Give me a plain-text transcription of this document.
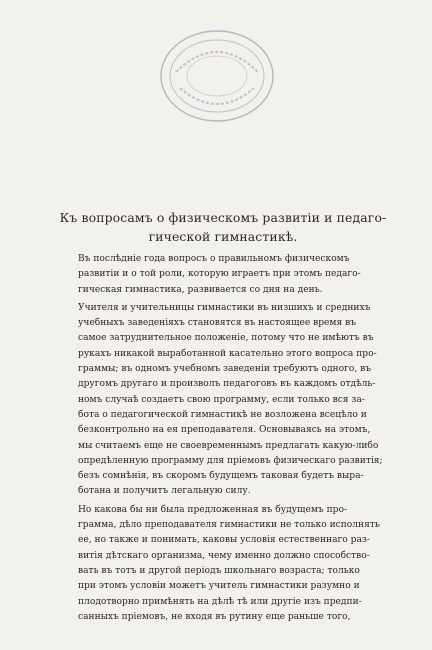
Къ вопросамъ о физическомъ развитіи и педаго-
гической гимнастикѣ.

Въ послѣдніе года вопросъ о правильномъ физическомъ
развитіи и о той роли, которую играетъ при этомъ педаго-
гическая гимнастика, развивается со дня на день.

Учителя и учительницы гимнастики въ низшихъ и среднихъ
учебныхъ заведеніяхъ становятся въ настоящее время въ
самое затруднительное положеніе, потому что не имѣютъ въ
рукахъ никакой выработанной касательно этого вопроса про-
граммы; въ одномъ учебномъ заведеніи требуютъ одного, въ
другомъ другаго и произволъ педагоговъ въ каждомъ отдѣль-
номъ случаѣ создаетъ свою программу, если только вся за-
бота о педагогической гимнастикѣ не возложена всецѣло и
безконтрольно на ея преподавателя. Основываясь на этомъ,
мы считаемъ еще не своевременнымъ предлагать какую-либо
опредѣленную программу для пріемовъ физическаго развитія;
безъ сомнѣнія, въ скоромъ будущемъ таковая будетъ выра-
ботана и получитъ легальную силу.

Но какова бы ни была предложенная въ будущемъ про-
грамма, дѣло преподавателя гимнастики не только исполнять
ее, но также и понимать, каковы условія естественнаго раз-
витія дѣтскаго организма, чему именно должно способство-
вать въ тотъ и другой періодъ школьнаго возраста; только
при этомъ условіи можетъ учитель гимнастики разумно и
плодотворно примѣнять на дѣлѣ тѣ или другіе изъ предпи-
санныхъ пріемовъ, не входя въ рутину еще раньше того,
